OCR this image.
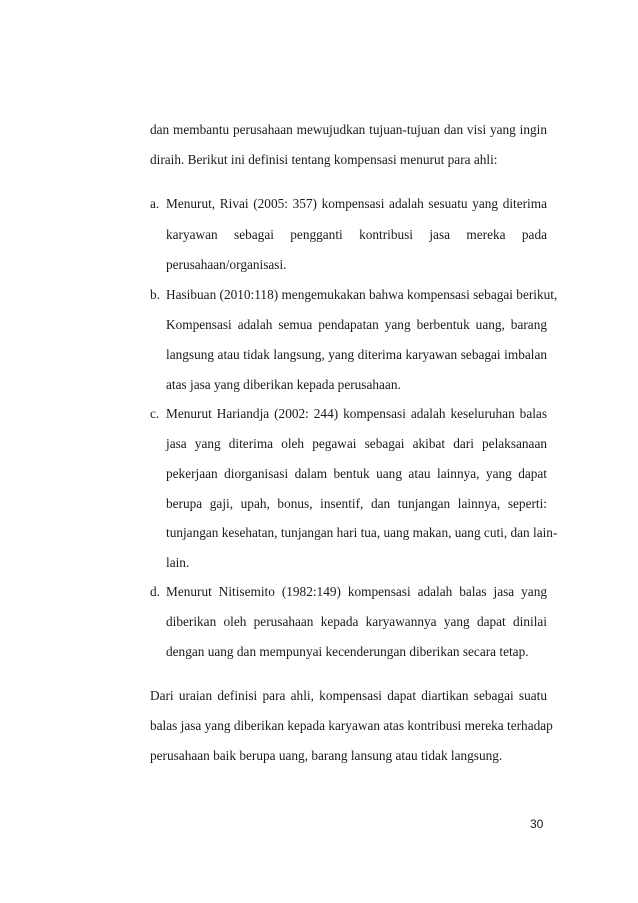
dan membantu perusahaan mewujudkan tujuan-tujuan dan visi yang ingin
diraih. Berikut ini definisi tentang kompensasi menurut para ahli:
a. Menurut, Rivai (2005: 357) kompensasi adalah sesuatu yang diterima
karyawan sebagai pengganti kontribusi jasa mereka pada
perusahaan/organisasi.
b. Hasibuan (2010:118) mengemukakan bahwa kompensasi sebagai berikut,
Kompensasi adalah semua pendapatan yang berbentuk uang, barang
langsung atau tidak langsung, yang diterima karyawan sebagai imbalan
atas jasa yang diberikan kepada perusahaan.
c. Menurut Hariandja (2002: 244) kompensasi adalah keseluruhan balas
jasa yang diterima oleh pegawai sebagai akibat dari pelaksanaan
pekerjaan diorganisasi dalam bentuk uang atau lainnya, yang dapat
berupa gaji, upah, bonus, insentif, dan tunjangan lainnya, seperti:
tunjangan kesehatan, tunjangan hari tua, uang makan, uang cuti, dan lain-
lain.
d. Menurut Nitisemito (1982:149) kompensasi adalah balas jasa yang
diberikan oleh perusahaan kepada karyawannya yang dapat dinilai
dengan uang dan mempunyai kecenderungan diberikan secara tetap.
Dari uraian definisi para ahli, kompensasi dapat diartikan sebagai suatu
balas jasa yang diberikan kepada karyawan atas kontribusi mereka terhadap
perusahaan baik berupa uang, barang lansung atau tidak langsung.
30
